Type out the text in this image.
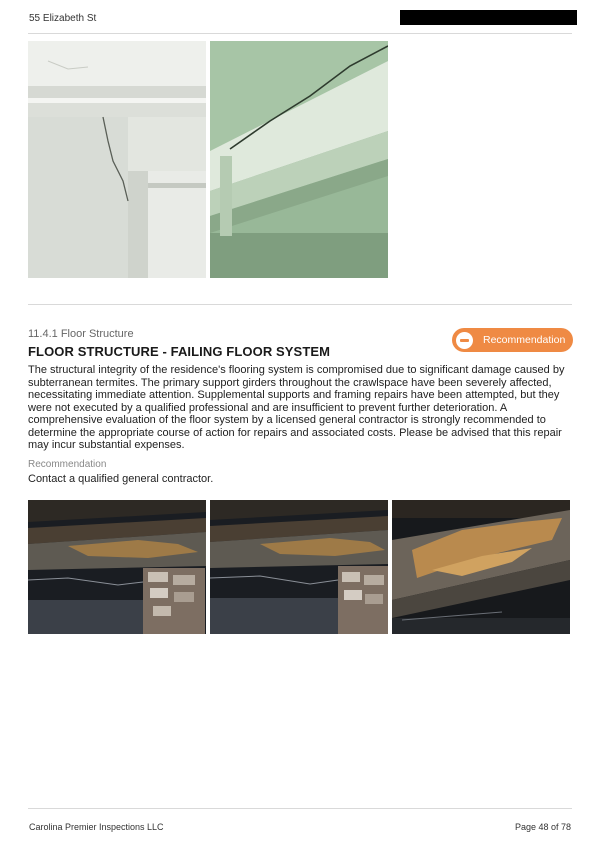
55 Elizabeth St
11.4.1 Floor Structure
FLOOR STRUCTURE - FAILING FLOOR SYSTEM
Recommendation
The structural integrity of the residence's flooring system is compromised due to significant damage caused by subterranean termites. The primary support girders throughout the crawlspace have been severely affected, necessitating immediate attention. Supplemental supports and framing repairs have been attempted, but they were not executed by a qualified professional and are insufficient to prevent further deterioration. A comprehensive evaluation of the floor system by a licensed general contractor is strongly recommended to determine the appropriate course of action for repairs and associated costs. Please be advised that this repair may incur substantial expenses.
Recommendation
Contact a qualified general contractor.
Carolina Premier Inspections LLC	Page 48 of 78
